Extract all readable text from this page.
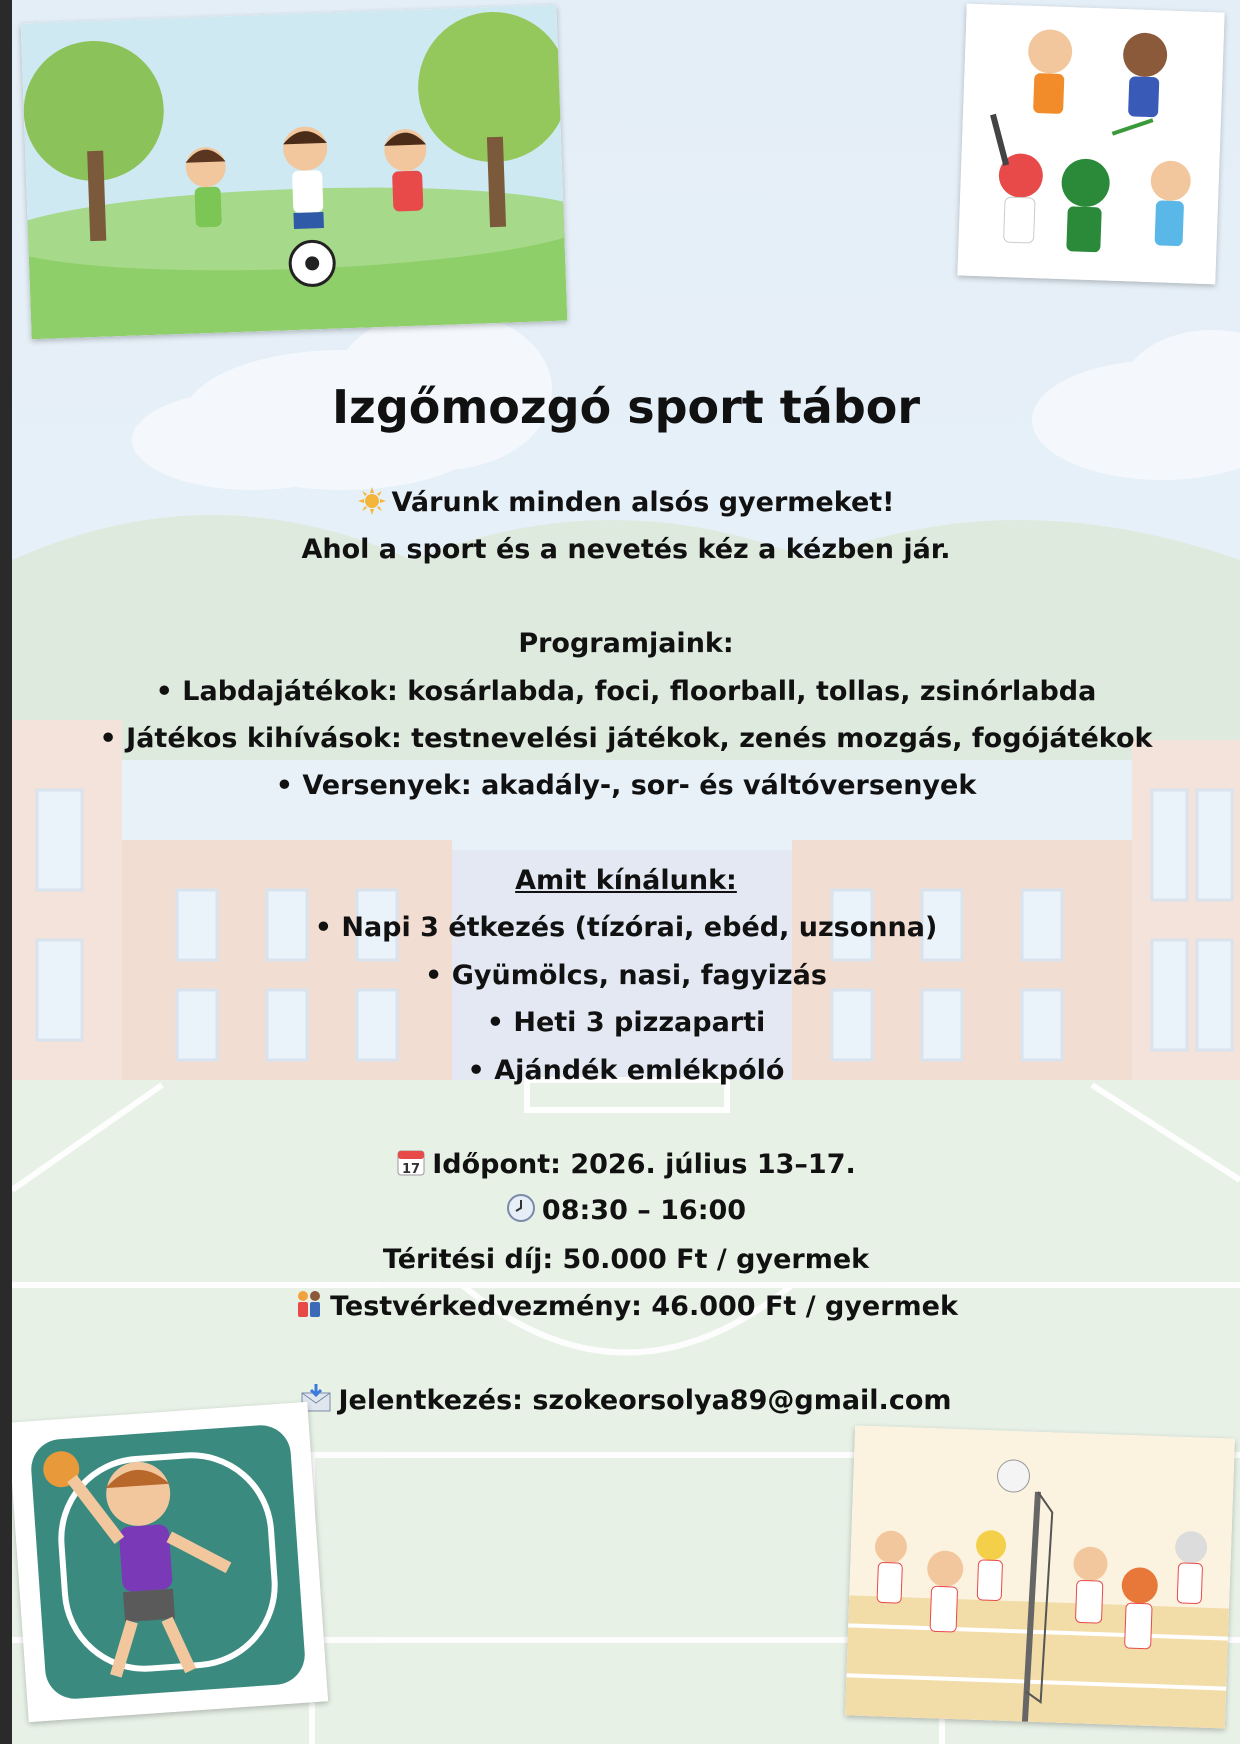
Izgőmozgó sport tábor
Várunk minden alsós gyermeket!
Ahol a sport és a nevetés kéz a kézben jár.
Programjaink:
• Labdajátékok: kosárlabda, foci, floorball, tollas, zsinórlabda
• Játékos kihívások: testnevelési játékok, zenés mozgás, fogójátékok
• Versenyek: akadály-, sor- és váltóversenyek
Amit kínálunk:
• Napi 3 étkezés (tízórai, ebéd, uzsonna)
• Gyümölcs, nasi, fagyizás
• Heti 3 pizzaparti
• Ajándék emlékpóló
17 Időpont: 2026. július 13–17.
08:30 – 16:00
Téritési díj: 50.000 Ft / gyermek
Testvérkedvezmény: 46.000 Ft / gyermek
Jelentkezés: szokeorsolya89@gmail.com
